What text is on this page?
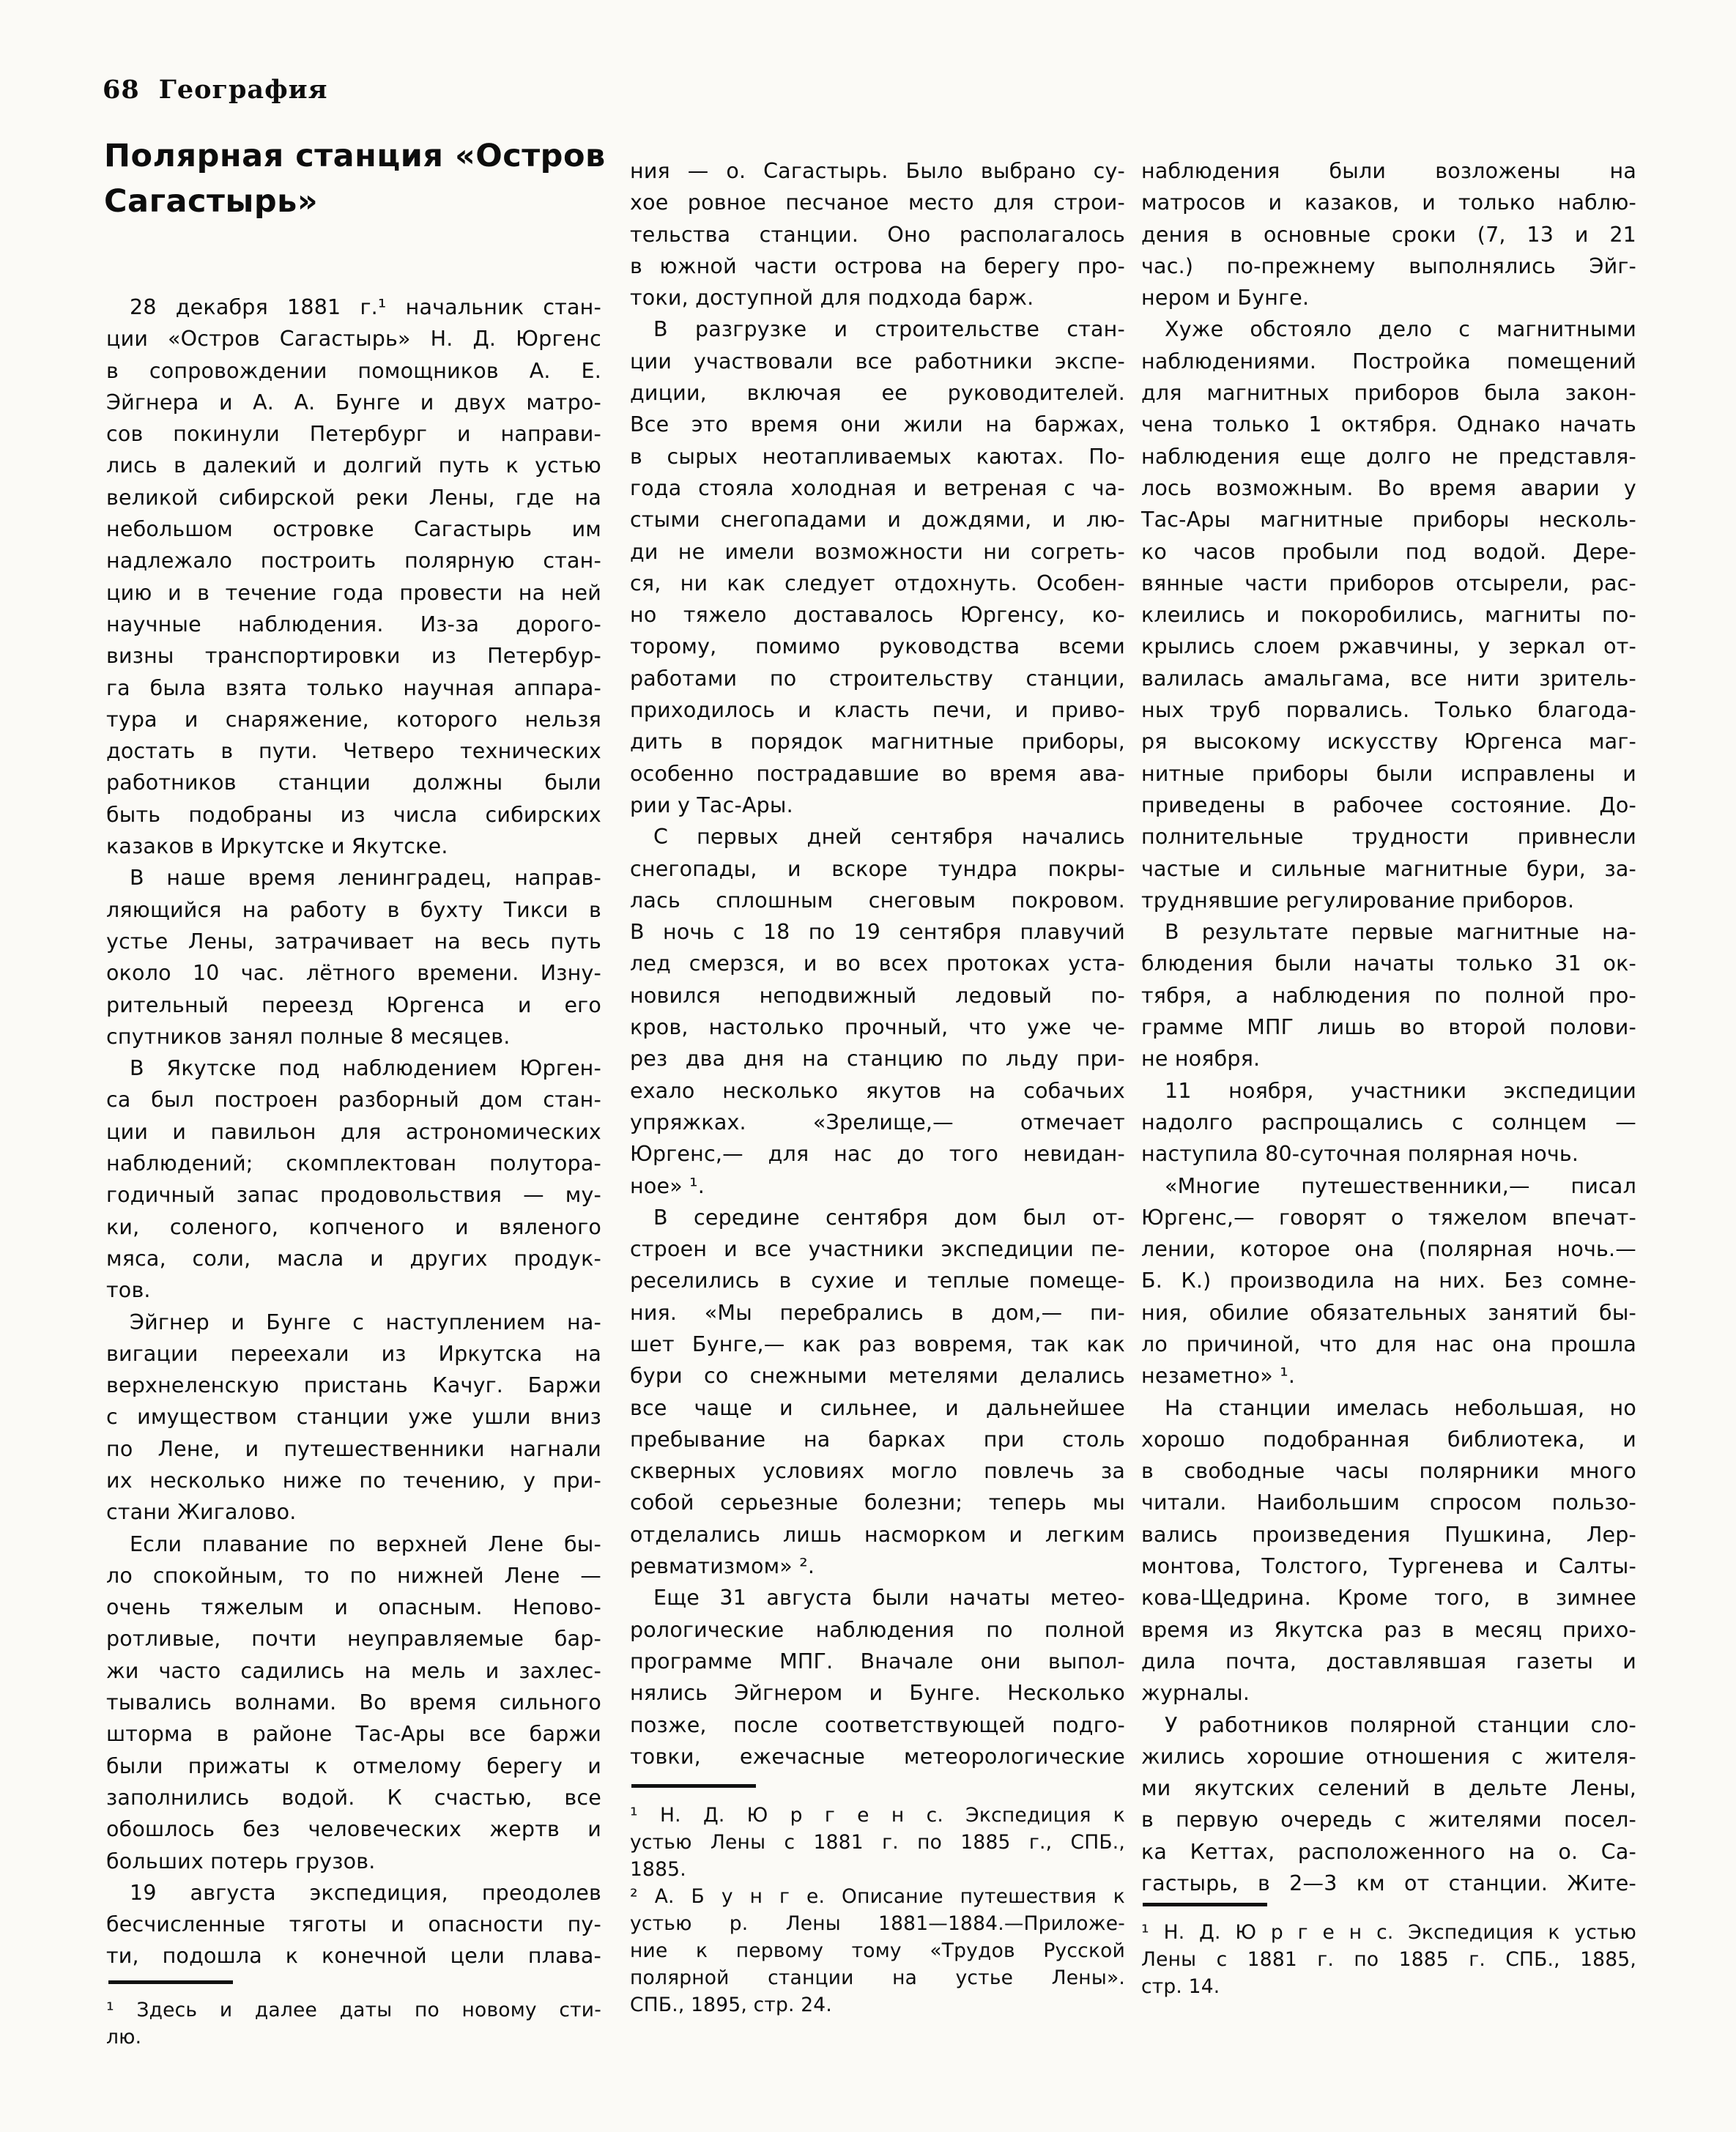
68 География
Полярная станция «Остров
Сагастырь»
28 декабря 1881 г.¹ начальник стан-
ции «Остров Сагастырь» Н. Д. Юргенс
в сопровождении помощников А. Е.
Эйгнера и А. А. Бунге и двух матро-
сов покинули Петербург и направи-
лись в далекий и долгий путь к устью
великой сибирской реки Лены, где на
небольшом островке Сагастырь им
надлежало построить полярную стан-
цию и в течение года провести на ней
научные наблюдения. Из-за дорого-
визны транспортировки из Петербур-
га была взята только научная аппара-
тура и снаряжение, которого нельзя
достать в пути. Четверо технических
работников станции должны были
быть подобраны из числа сибирских
казаков в Иркутске и Якутске.
В наше время ленинградец, направ-
ляющийся на работу в бухту Тикси в
устье Лены, затрачивает на весь путь
около 10 час. лётного времени. Изну-
рительный переезд Юргенса и его
спутников занял полные 8 месяцев.
В Якутске под наблюдением Юрген-
са был построен разборный дом стан-
ции и павильон для астрономических
наблюдений; скомплектован полутора-
годичный запас продовольствия — му-
ки, соленого, копченого и вяленого
мяса, соли, масла и других продук-
тов.
Эйгнер и Бунге с наступлением на-
вигации переехали из Иркутска на
верхнеленскую пристань Качуг. Баржи
с имуществом станции уже ушли вниз
по Лене, и путешественники нагнали
их несколько ниже по течению, у при-
стани Жигалово.
Если плавание по верхней Лене бы-
ло спокойным, то по нижней Лене —
очень тяжелым и опасным. Непово-
ротливые, почти неуправляемые бар-
жи часто садились на мель и захлес-
тывались волнами. Во время сильного
шторма в районе Тас-Ары все баржи
были прижаты к отмелому берегу и
заполнились водой. К счастью, все
обошлось без человеческих жертв и
больших потерь грузов.
19 августа экспедиция, преодолев
бесчисленные тяготы и опасности пу-
ти, подошла к конечной цели плава-
ния — о. Сагастырь. Было выбрано су-
хое ровное песчаное место для строи-
тельства станции. Оно располагалось
в южной части острова на берегу про-
токи, доступной для подхода барж.
В разгрузке и строительстве стан-
ции участвовали все работники экспе-
диции, включая ее руководителей.
Все это время они жили на баржах,
в сырых неотапливаемых каютах. По-
года стояла холодная и ветреная с ча-
стыми снегопадами и дождями, и лю-
ди не имели возможности ни согреть-
ся, ни как следует отдохнуть. Особен-
но тяжело доставалось Юргенсу, ко-
торому, помимо руководства всеми
работами по строительству станции,
приходилось и класть печи, и приво-
дить в порядок магнитные приборы,
особенно пострадавшие во время ава-
рии у Тас-Ары.
С первых дней сентября начались
снегопады, и вскоре тундра покры-
лась сплошным снеговым покровом.
В ночь с 18 по 19 сентября плавучий
лед смерзся, и во всех протоках уста-
новился неподвижный ледовый по-
кров, настолько прочный, что уже че-
рез два дня на станцию по льду при-
ехало несколько якутов на собачьих
упряжках. «Зрелище,— отмечает
Юргенс,— для нас до того невидан-
ное» ¹.
В середине сентября дом был от-
строен и все участники экспедиции пе-
реселились в сухие и теплые помеще-
ния. «Мы перебрались в дом,— пи-
шет Бунге,— как раз вовремя, так как
бури со снежными метелями делались
все чаще и сильнее, и дальнейшее
пребывание на барках при столь
скверных условиях могло повлечь за
собой серьезные болезни; теперь мы
отделались лишь насморком и легким
ревматизмом» ².
Еще 31 августа были начаты метео-
рологические наблюдения по полной
программе МПГ. Вначале они выпол-
нялись Эйгнером и Бунге. Несколько
позже, после соответствующей подго-
товки, ежечасные метеорологические
наблюдения были возложены на
матросов и казаков, и только наблю-
дения в основные сроки (7, 13 и 21
час.) по-прежнему выполнялись Эйг-
нером и Бунге.
Хуже обстояло дело с магнитными
наблюдениями. Постройка помещений
для магнитных приборов была закон-
чена только 1 октября. Однако начать
наблюдения еще долго не представля-
лось возможным. Во время аварии у
Тас-Ары магнитные приборы несколь-
ко часов пробыли под водой. Дере-
вянные части приборов отсырели, рас-
клеились и покоробились, магниты по-
крылись слоем ржавчины, у зеркал от-
валилась амальгама, все нити зритель-
ных труб порвались. Только благода-
ря высокому искусству Юргенса маг-
нитные приборы были исправлены и
приведены в рабочее состояние. До-
полнительные трудности привнесли
частые и сильные магнитные бури, за-
труднявшие регулирование приборов.
В результате первые магнитные на-
блюдения были начаты только 31 ок-
тября, а наблюдения по полной про-
грамме МПГ лишь во второй полови-
не ноября.
11 ноября, участники экспедиции
надолго распрощались с солнцем —
наступила 80-суточная полярная ночь.
«Многие путешественники,— писал
Юргенс,— говорят о тяжелом впечат-
лении, которое она (полярная ночь.—
Б. К.) производила на них. Без сомне-
ния, обилие обязательных занятий бы-
ло причиной, что для нас она прошла
незаметно» ¹.
На станции имелась небольшая, но
хорошо подобранная библиотека, и
в свободные часы полярники много
читали. Наибольшим спросом пользо-
вались произведения Пушкина, Лер-
монтова, Толстого, Тургенева и Салты-
кова-Щедрина. Кроме того, в зимнее
время из Якутска раз в месяц прихо-
дила почта, доставлявшая газеты и
журналы.
У работников полярной станции сло-
жились хорошие отношения с жителя-
ми якутских селений в дельте Лены,
в первую очередь с жителями посел-
ка Кеттах, расположенного на о. Са-
гастырь, в 2—3 км от станции. Жите-
¹ Здесь и далее даты по новому сти-
лю.
¹ Н. Д. Ю р г е н с. Экспедиция к
устью Лены с 1881 г. по 1885 г., СПБ.,
1885.
² А. Б у н г е. Описание путешествия к
устью р. Лены 1881—1884.—Приложе-
ние к первому тому «Трудов Русской
полярной станции на устье Лены».
СПБ., 1895, стр. 24.
¹ Н. Д. Ю р г е н с. Экспедиция к устью
Лены с 1881 г. по 1885 г. СПБ., 1885,
стр. 14.
